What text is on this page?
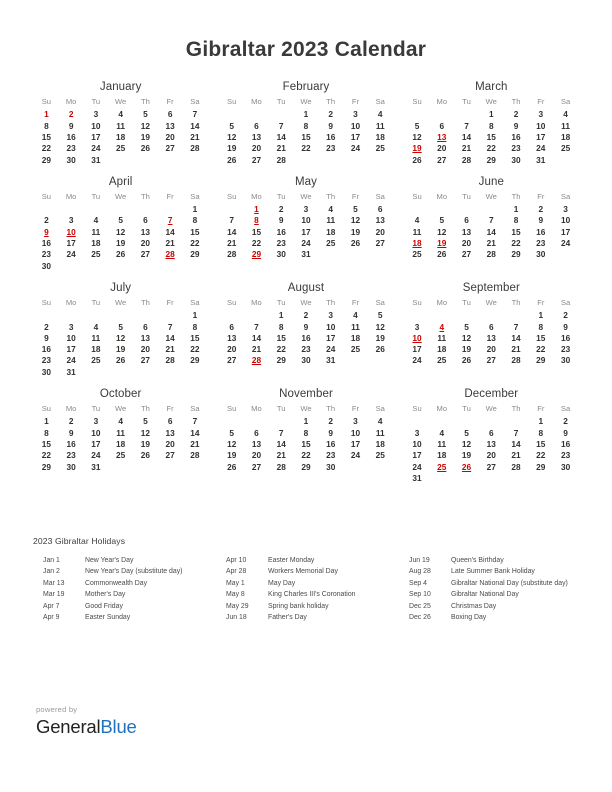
Gibraltar 2023 Calendar
January
Su	Mo	Tu	We	Th	Fr	Sa
1	2	3	4	5	6	7
8	9	10	11	12	13	14
15	16	17	18	19	20	21
22	23	24	25	26	27	28
29	30	31				
February
Su	Mo	Tu	We	Th	Fr	Sa
			1	2	3	4
5	6	7	8	9	10	11
12	13	14	15	16	17	18
19	20	21	22	23	24	25
26	27	28				
March
Su	Mo	Tu	We	Th	Fr	Sa
			1	2	3	4
5	6	7	8	9	10	11
12	13	14	15	16	17	18
19	20	21	22	23	24	25
26	27	28	29	30	31	
April
Su	Mo	Tu	We	Th	Fr	Sa
						1
2	3	4	5	6	7	8
9	10	11	12	13	14	15
16	17	18	19	20	21	22
23	24	25	26	27	28	29
30						
May
Su	Mo	Tu	We	Th	Fr	Sa
	1	2	3	4	5	6
7	8	9	10	11	12	13
14	15	16	17	18	19	20
21	22	23	24	25	26	27
28	29	30	31			
June
Su	Mo	Tu	We	Th	Fr	Sa
				1	2	3
4	5	6	7	8	9	10
11	12	13	14	15	16	17
18	19	20	21	22	23	24
25	26	27	28	29	30	
July
Su	Mo	Tu	We	Th	Fr	Sa
						1
2	3	4	5	6	7	8
9	10	11	12	13	14	15
16	17	18	19	20	21	22
23	24	25	26	27	28	29
30	31					
August
Su	Mo	Tu	We	Th	Fr	Sa
		1	2	3	4	5
6	7	8	9	10	11	12
13	14	15	16	17	18	19
20	21	22	23	24	25	26
27	28	29	30	31		
September
Su	Mo	Tu	We	Th	Fr	Sa
					1	2
3	4	5	6	7	8	9
10	11	12	13	14	15	16
17	18	19	20	21	22	23
24	25	26	27	28	29	30
October
Su	Mo	Tu	We	Th	Fr	Sa
1	2	3	4	5	6	7
8	9	10	11	12	13	14
15	16	17	18	19	20	21
22	23	24	25	26	27	28
29	30	31				
November
Su	Mo	Tu	We	Th	Fr	Sa
			1	2	3	4
5	6	7	8	9	10	11
12	13	14	15	16	17	18
19	20	21	22	23	24	25
26	27	28	29	30		
December
Su	Mo	Tu	We	Th	Fr	Sa
					1	2
3	4	5	6	7	8	9
10	11	12	13	14	15	16
17	18	19	20	21	22	23
24	25	26	27	28	29	30
31						
2023 Gibraltar Holidays
Jan 1	New Year's Day
Jan 2	New Year's Day (substitute day)
Mar 13	Commonwealth Day
Mar 19	Mother's Day
Apr 7	Good Friday
Apr 9	Easter Sunday
Apr 10	Easter Monday
Apr 28	Workers Memorial Day
May 1	May Day
May 8	King Charles III's Coronation
May 29	Spring bank holiday
Jun 18	Father's Day
Jun 19	Queen's Birthday
Aug 28	Late Summer Bank Holiday
Sep 4	Gibraltar National Day (substitute day)
Sep 10	Gibraltar National Day
Dec 25	Christmas Day
Dec 26	Boxing Day
powered by
GeneralBlue
